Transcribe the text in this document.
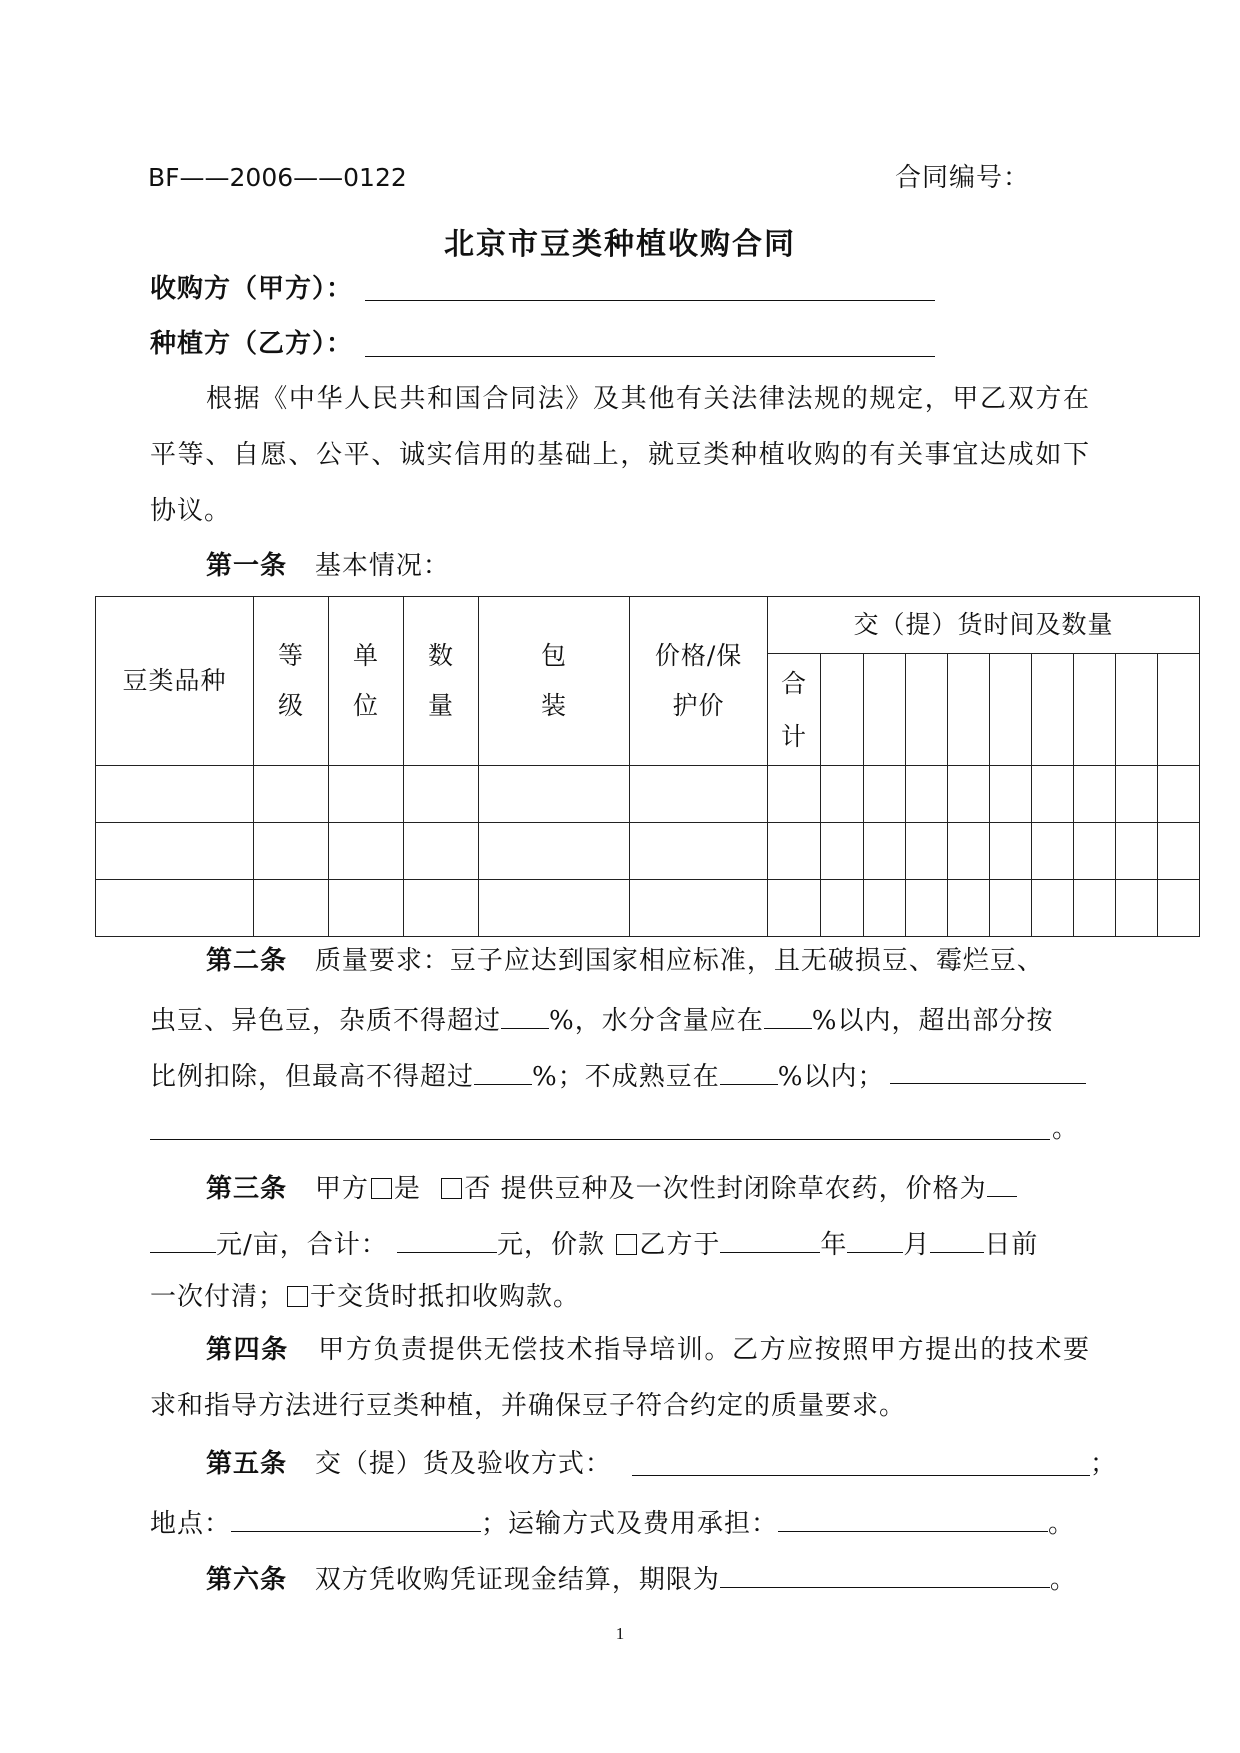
BF——2006——0122	合同编号：
北京市豆类种植收购合同
收购方（甲方）：
种植方（乙方）：
根据《中华人民共和国合同法》及其他有关法律法规的规定，甲乙双方在平等、自愿、公平、诚实信用的基础上，就豆类种植收购的有关事宜达成如下协议。
第一条 基本情况：
豆类品种	等级	单位	数量	包装	价格/保护价	交（提）货时间及数量									
						合计									

第二条 质量要求：豆子应达到国家相应标准，且无破损豆、霉烂豆、
虫豆、异色豆，杂质不得超过 %，水分含量应在 %以内，超出部分按
比例扣除，但最高不得超过 %；不成熟豆在 %以内；
。
第三条 甲方 是 否 提供豆种及一次性封闭除草农药，价格为
元/亩，合计：	元，价款 乙方于	年 月 日前
一次付清； 于交货时抵扣收购款。
第四条 甲方负责提供无偿技术指导培训。乙方应按照甲方提出的技术要求和指导方法进行豆类种植，并确保豆子符合约定的质量要求。
第五条 交（提）货及验收方式：	；
地点：	；运输方式及费用承担：	。
第六条 双方凭收购凭证现金结算，期限为	。
1
